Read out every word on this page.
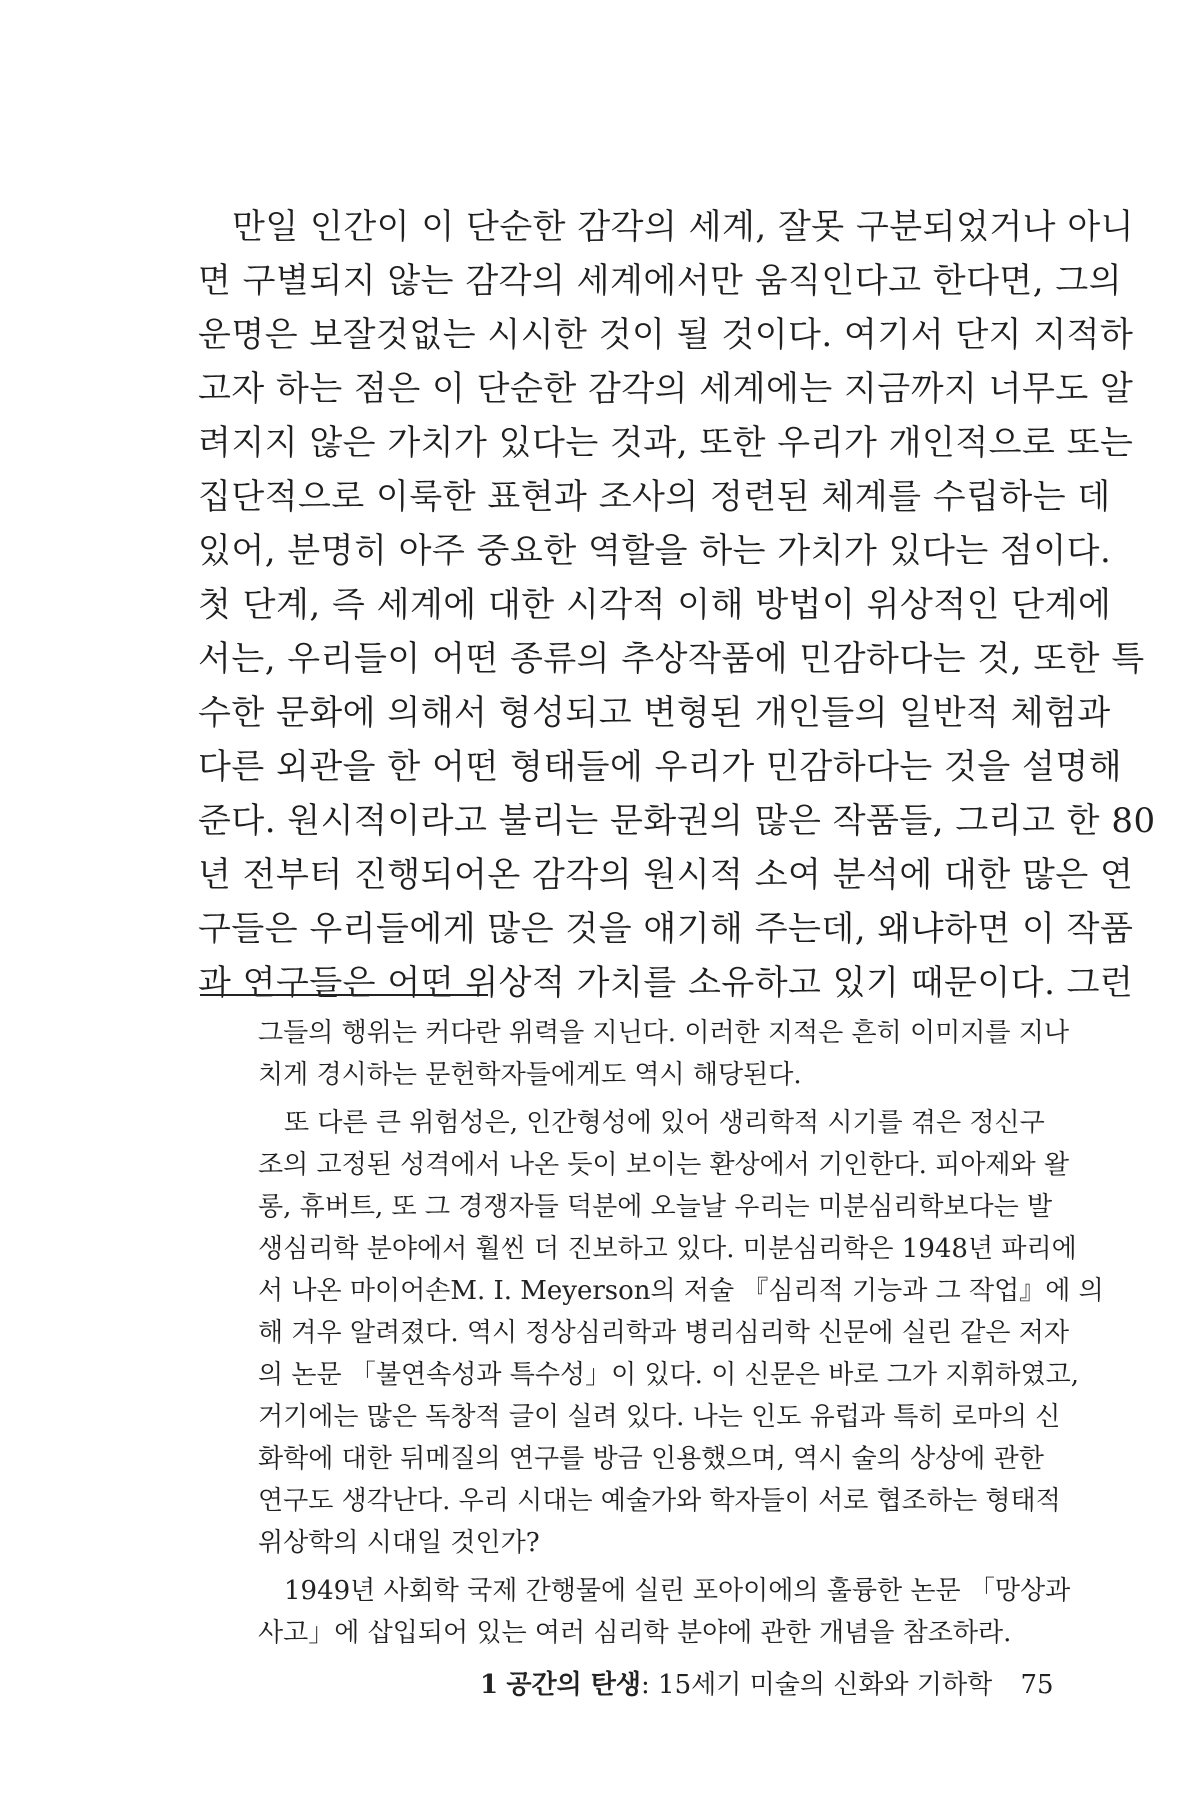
만일 인간이 이 단순한 감각의 세계, 잘못 구분되었거나 아니
면 구별되지 않는 감각의 세계에서만 움직인다고 한다면, 그의
운명은 보잘것없는 시시한 것이 될 것이다. 여기서 단지 지적하
고자 하는 점은 이 단순한 감각의 세계에는 지금까지 너무도 알
려지지 않은 가치가 있다는 것과, 또한 우리가 개인적으로 또는
집단적으로 이룩한 표현과 조사의 정련된 체계를 수립하는 데
있어, 분명히 아주 중요한 역할을 하는 가치가 있다는 점이다.
첫 단계, 즉 세계에 대한 시각적 이해 방법이 위상적인 단계에
서는, 우리들이 어떤 종류의 추상작품에 민감하다는 것, 또한 특
수한 문화에 의해서 형성되고 변형된 개인들의 일반적 체험과
다른 외관을 한 어떤 형태들에 우리가 민감하다는 것을 설명해
준다. 원시적이라고 불리는 문화권의 많은 작품들, 그리고 한 80
년 전부터 진행되어온 감각의 원시적 소여 분석에 대한 많은 연
구들은 우리들에게 많은 것을 얘기해 주는데, 왜냐하면 이 작품
과 연구들은 어떤 위상적 가치를 소유하고 있기 때문이다. 그런
그들의 행위는 커다란 위력을 지닌다. 이러한 지적은 흔히 이미지를 지나
치게 경시하는 문헌학자들에게도 역시 해당된다.
또 다른 큰 위험성은, 인간형성에 있어 생리학적 시기를 겪은 정신구
조의 고정된 성격에서 나온 듯이 보이는 환상에서 기인한다. 피아제와 왈
롱, 휴버트, 또 그 경쟁자들 덕분에 오늘날 우리는 미분심리학보다는 발
생심리학 분야에서 훨씬 더 진보하고 있다. 미분심리학은 1948년 파리에
서 나온 마이어손M. I. Meyerson의 저술 『심리적 기능과 그 작업』에 의
해 겨우 알려졌다. 역시 정상심리학과 병리심리학 신문에 실린 같은 저자
의 논문 「불연속성과 특수성」이 있다. 이 신문은 바로 그가 지휘하였고,
거기에는 많은 독창적 글이 실려 있다. 나는 인도 유럽과 특히 로마의 신
화학에 대한 뒤메질의 연구를 방금 인용했으며, 역시 술의 상상에 관한
연구도 생각난다. 우리 시대는 예술가와 학자들이 서로 협조하는 형태적
위상학의 시대일 것인가?
1949년 사회학 국제 간행물에 실린 포아이에의 훌륭한 논문 「망상과
사고」에 삽입되어 있는 여러 심리학 분야에 관한 개념을 참조하라.
1 공간의 탄생: 15세기 미술의 신화와 기하학 75
